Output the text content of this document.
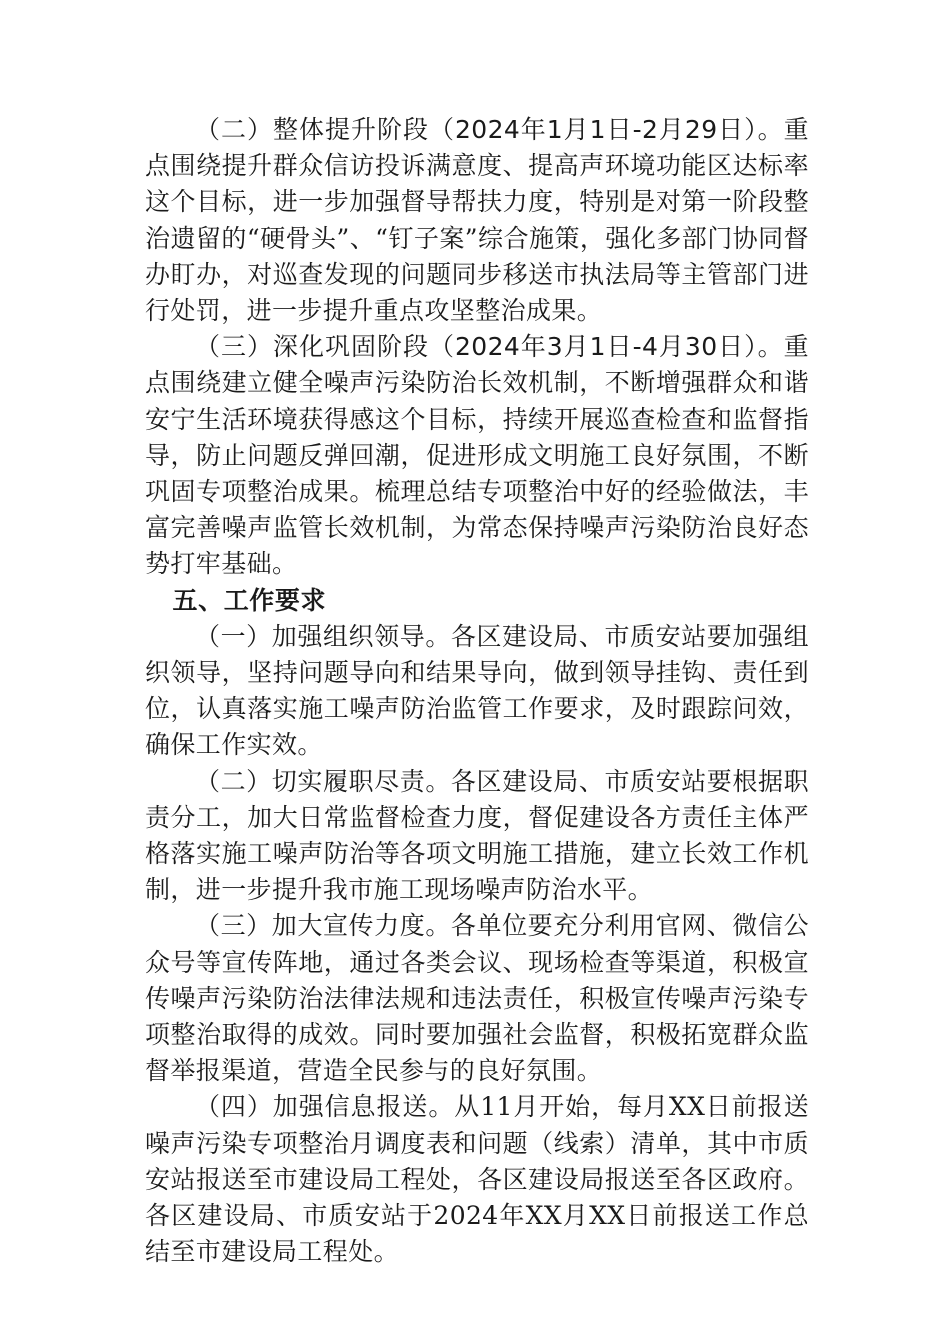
（二）整体提升阶段（2024年1月1日-2月29日）。重点围绕提升群众信访投诉满意度、提高声环境功能区达标率这个目标，进一步加强督导帮扶力度，特别是对第一阶段整治遗留的“硬骨头”、“钉子案”综合施策，强化多部门协同督办盯办，对巡查发现的问题同步移送市执法局等主管部门进行处罚，进一步提升重点攻坚整治成果。

（三）深化巩固阶段（2024年3月1日-4月30日）。重点围绕建立健全噪声污染防治长效机制，不断增强群众和谐安宁生活环境获得感这个目标，持续开展巡查检查和监督指导，防止问题反弹回潮，促进形成文明施工良好氛围，不断巩固专项整治成果。梳理总结专项整治中好的经验做法，丰富完善噪声监管长效机制，为常态保持噪声污染防治良好态势打牢基础。

五、工作要求

（一）加强组织领导。各区建设局、市质安站要加强组织领导，坚持问题导向和结果导向，做到领导挂钩、责任到位，认真落实施工噪声防治监管工作要求，及时跟踪问效，确保工作实效。

（二）切实履职尽责。各区建设局、市质安站要根据职责分工，加大日常监督检查力度，督促建设各方责任主体严格落实施工噪声防治等各项文明施工措施，建立长效工作机制，进一步提升我市施工现场噪声防治水平。

（三）加大宣传力度。各单位要充分利用官网、微信公众号等宣传阵地，通过各类会议、现场检查等渠道，积极宣传噪声污染防治法律法规和违法责任，积极宣传噪声污染专项整治取得的成效。同时要加强社会监督，积极拓宽群众监督举报渠道，营造全民参与的良好氛围。

（四）加强信息报送。从11月开始，每月XX日前报送噪声污染专项整治月调度表和问题（线索）清单，其中市质安站报送至市建设局工程处，各区建设局报送至各区政府。各区建设局、市质安站于2024年XX月XX日前报送工作总结至市建设局工程处。
